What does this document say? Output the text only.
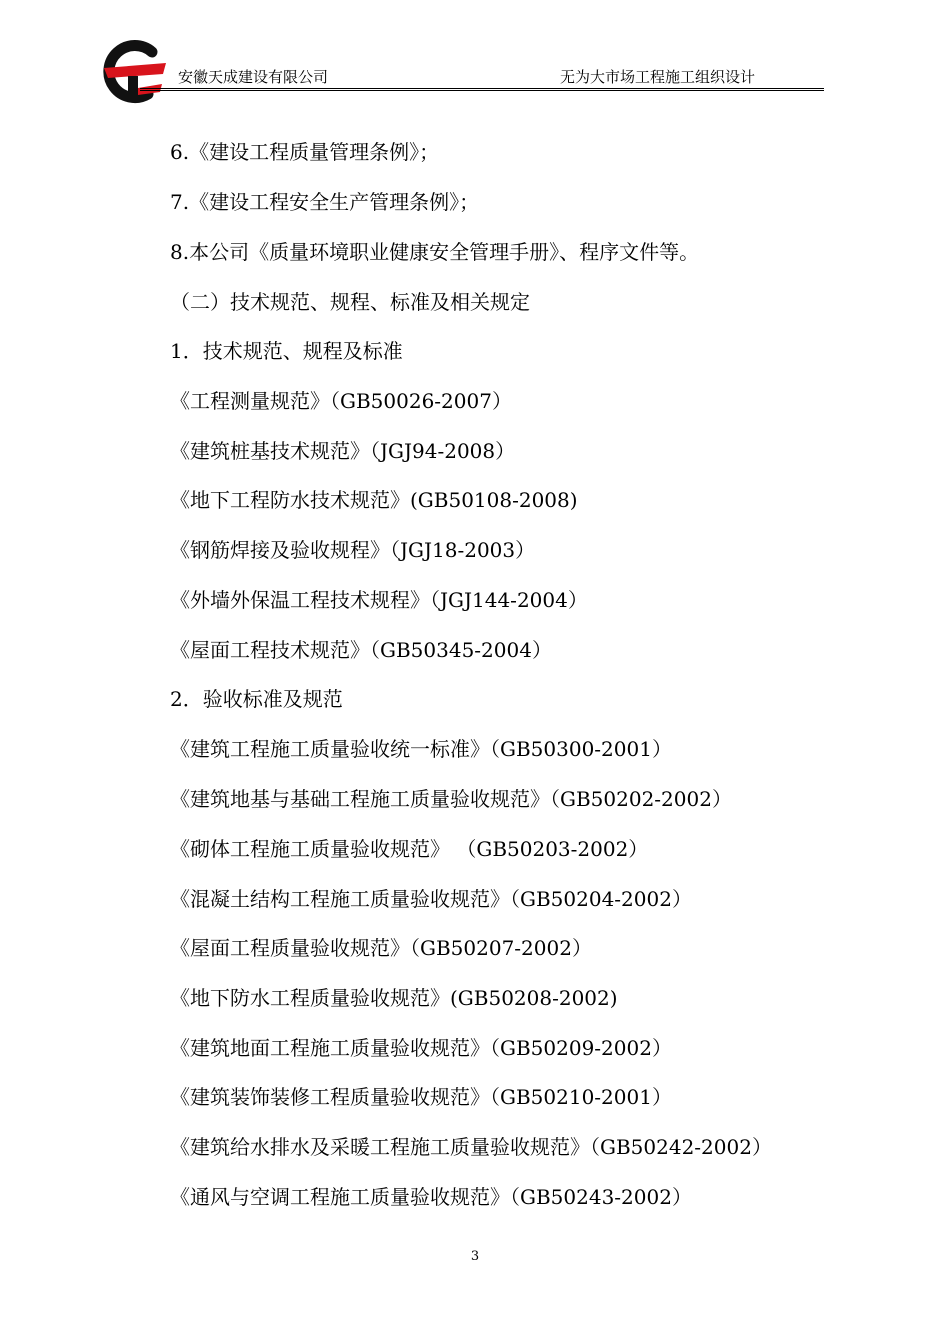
安徽天成建设有限公司	无为大市场工程施工组织设计
6.《建设工程质量管理条例》；
7.《建设工程安全生产管理条例》；
8.本公司《质量环境职业健康安全管理手册》、程序文件等。
（二）技术规范、规程、标准及相关规定
1．技术规范、规程及标准
《工程测量规范》（GB50026-2007）
《建筑桩基技术规范》（JGJ94-2008）
《地下工程防水技术规范》(GB50108-2008)
《钢筋焊接及验收规程》（JGJ18-2003）
《外墙外保温工程技术规程》（JGJ144-2004）
《屋面工程技术规范》（GB50345-2004）
2．验收标准及规范
《建筑工程施工质量验收统一标准》（GB50300-2001）
《建筑地基与基础工程施工质量验收规范》（GB50202-2002）
《砌体工程施工质量验收规范》 （GB50203-2002）
《混凝土结构工程施工质量验收规范》（GB50204-2002）
《屋面工程质量验收规范》（GB50207-2002）
《地下防水工程质量验收规范》(GB50208-2002)
《建筑地面工程施工质量验收规范》（GB50209-2002）
《建筑装饰装修工程质量验收规范》（GB50210-2001）
《建筑给水排水及采暖工程施工质量验收规范》（GB50242-2002）
《通风与空调工程施工质量验收规范》（GB50243-2002）
3
